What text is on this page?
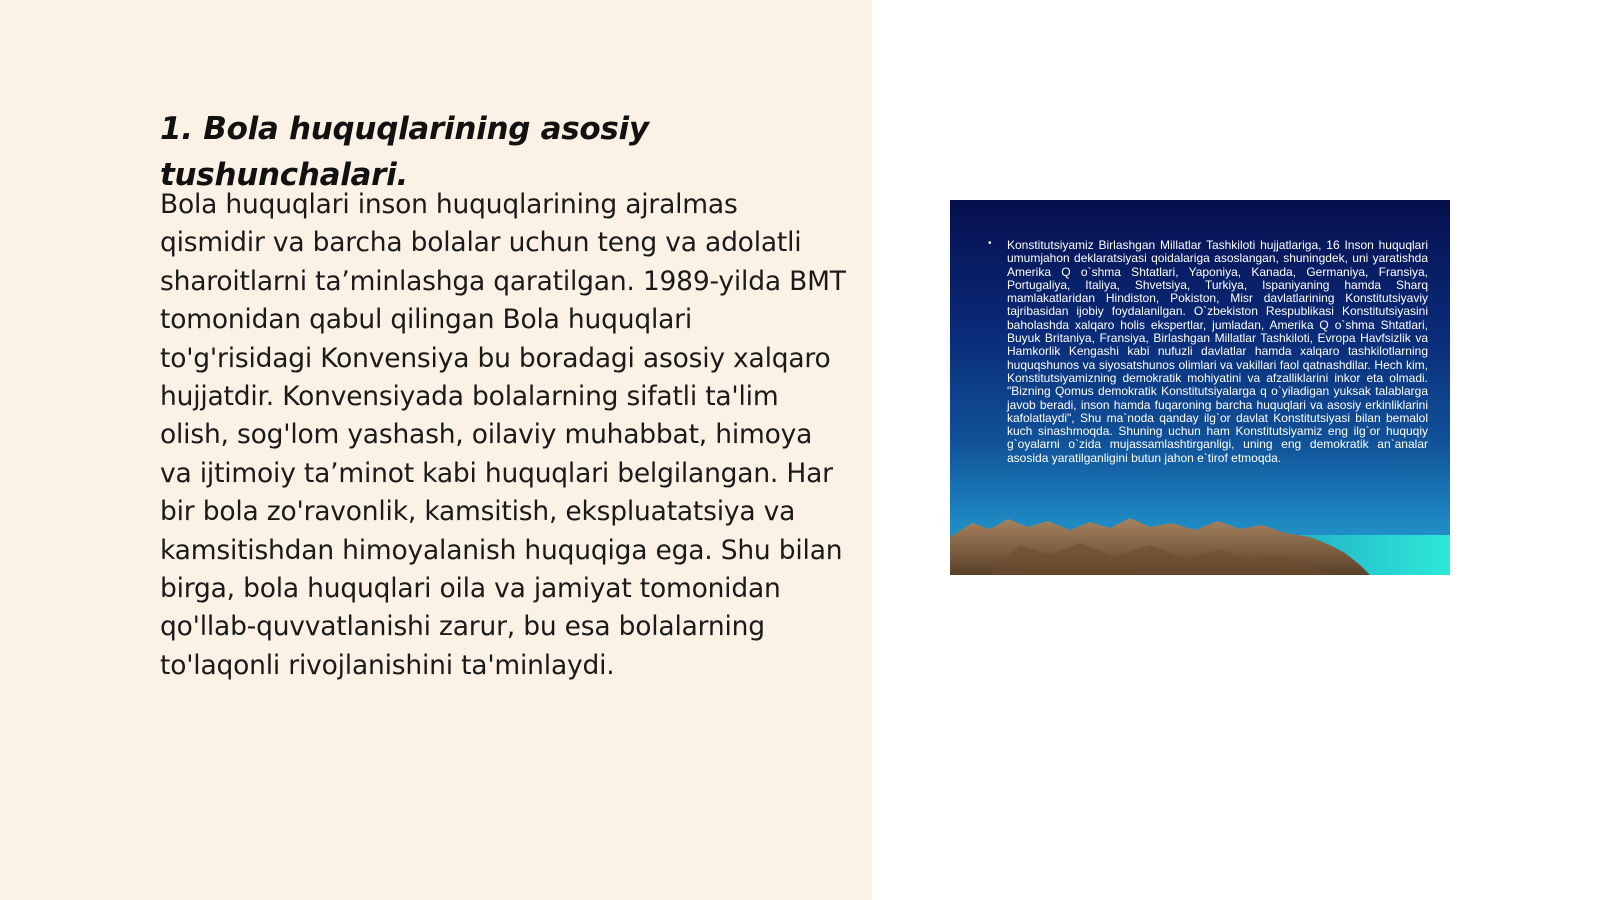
1. Bola huquqlarining asosiy tushunchalari.

Bola huquqlari inson huquqlarining ajralmas qismidir va barcha bolalar uchun teng va adolatli sharoitlarni taʼminlashga qaratilgan. 1989-yilda BMT tomonidan qabul qilingan Bola huquqlari to'g'risidagi Konvensiya bu boradagi asosiy xalqaro hujjatdir. Konvensiyada bolalarning sifatli ta'lim olish, sog'lom yashash, oilaviy muhabbat, himoya va ijtimoiy taʼminot kabi huquqlari belgilangan. Har bir bola zo'ravonlik, kamsitish, ekspluatatsiya va kamsitishdan himoyalanish huquqiga ega. Shu bilan birga, bola huquqlari oila va jamiyat tomonidan qo'llab-quvvatlanishi zarur, bu esa bolalarning to'laqonli rivojlanishini ta'minlaydi.

•	Konstitutsiyamiz Birlashgan Millatlar Tashkiloti hujjatlariga, 16 Inson huquqlari umumjahon deklaratsiyasi qoidalariga asoslangan, shuningdek, uni yaratishda Amerika Q o`shma Shtatlari, Yaponiya, Kanada, Germaniya, Fransiya, Portugaliya, Italiya, Shvetsiya, Turkiya, Ispaniyaning hamda Sharq mamlakatlaridan Hindiston, Pokiston, Misr davlatlarining Konstitutsiyaviy tajribasidan ijobiy foydalanilgan. O`zbekiston Respublikasi Konstitutsiyasini baholashda xalqaro holis ekspertlar, jumladan, Amerika Q o`shma Shtatlari, Buyuk Britaniya, Fransiya, Birlashgan Millatlar Tashkiloti, Evropa Havfsizlik va Hamkorlik Kengashi kabi nufuzli davlatlar hamda xalqaro tashkilotlarning huquqshunos va siyosatshunos olimlari va vakillari faol qatnashdilar. Hech kim, Konstitutsiyamizning demokratik mohiyatini va afzalliklarini inkor eta olmadi. "Bizning Qomus demokratik Konstitutsiyalarga q o`yiladigan yuksak talablarga javob beradi, inson hamda fuqaroning barcha huquqlari va asosiy erkinliklarini kafolatlaydi", Shu ma`noda qanday ilg`or davlat Konstitutsiyasi bilan bemalol kuch sinashmoqda. Shuning uchun ham Konstitutsiyamiz eng ilg`or huquqiy g`oyalarni o`zida mujassamlashtirganligi, uning eng demokratik an`analar asosida yaratilganligini butun jahon e`tirof etmoqda.
